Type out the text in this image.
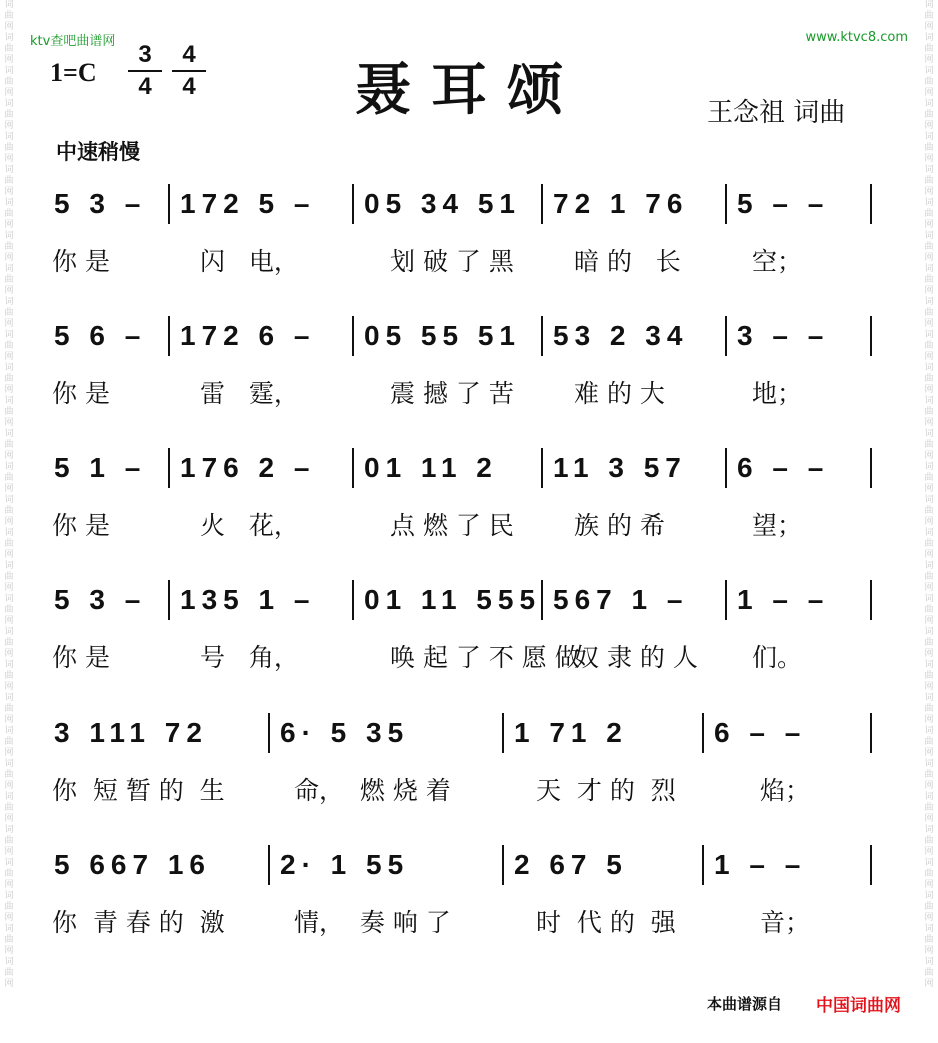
词
曲
网
词
曲
网
词
曲
网
词
曲
网
词
曲
网
词
曲
网
词
曲
网
词
曲
网
词
曲
网
词
曲
网
词
曲
网
词
曲
网
词
曲
网
词
曲
网
词
曲
网
词
曲
网
词
曲
网
词
曲
网
词
曲
网
词
曲
网
词
曲
网
词
曲
网
词
曲
网
词
曲
网
词
曲
网
词
曲
网
词
曲
网
词
曲
网
词
曲
网
词
曲
网
词
曲
网
词
曲
网
词
曲
网
词
曲
网
词
曲
网
词
曲
网
词
曲
网
词
曲
网
词
曲
网
词
曲
网
词
曲
网
词
曲
网
词
曲
网
词
曲
网
词
曲
网
词
曲
网
词
曲
网
词
曲
网
词
曲
网
词
曲
网
词
曲
网
词
曲
网
词
曲
网
词
曲
网
词
曲
网
词
曲
网
词
曲
网
词
曲
网
词
曲
网
词
曲
网
ktv查吧曲谱网	www.ktvc8.com
$1=C \frac{3}{4} \frac{4}{4}$	聂耳颂	王念祖 词曲
中速稍慢
5 3 – 172 5 – 05 34 51 72 1 76 5 – –
你 是	闪   电，	划 破 了 黑 暗 的   长	空；
5 6 – 172 6 – 05 55 51 53 2 34 3 – –
你 是	雷   霆，	震 撼 了 苦 难 的 大	地；
5 1 – 176 2 – 01 11 2 11 3 57 6 – –
你 是	火   花，	点 燃 了 民 族 的 希	望；
5 3 – 135 1 – 01 11 555 567 1 – 1 – –
你 是	号   角，	唤 起 了 不 愿 做
奴 隶 的 人 们。
3 111 72	6· 5 35	1 71 2	6 – –
你  短 暂 的  生	命，  燃 烧 着	天  才 的  烈	焰；
5 667 16 2· 1 55	2 67 5	1 – –
你  青 春 的  激	情，  奏 响 了	时  代 的  强	音；
本曲谱源自 中国词曲网
